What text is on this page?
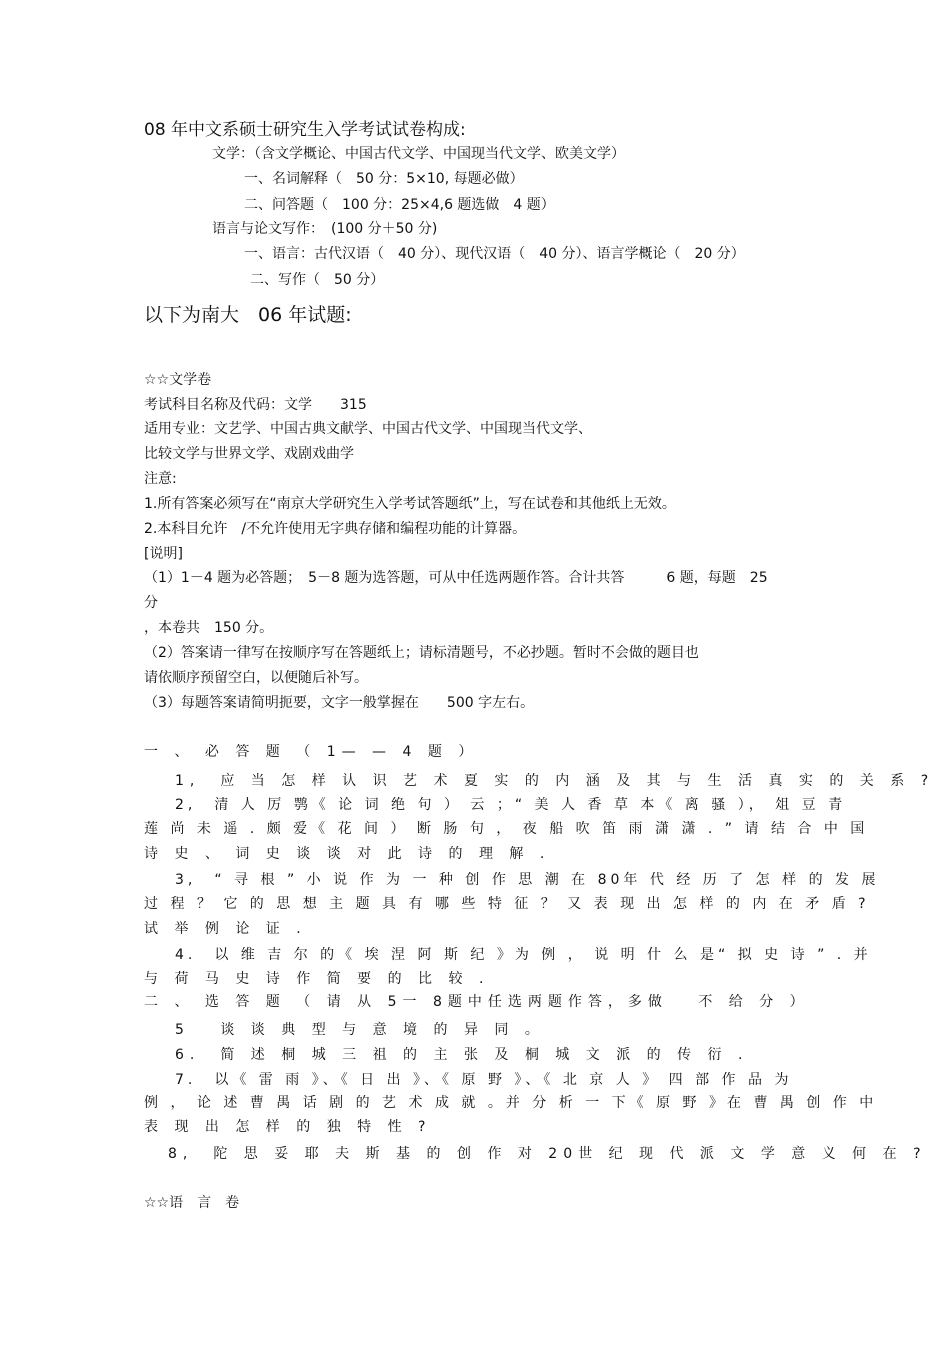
08 年中文系硕士研究生入学考试试卷构成:
文学：（含文学概论、中国古代文学、中国现当代文学、欧美文学）
一、名词解释（　50 分：5×10, 每题必做）
二、问答题（　100 分：25×4,6 题选做　4 题）
语言与论文写作：　(100 分＋50 分)
一、语言：古代汉语（　40 分）、现代汉语（　40 分）、语言学概论（　20 分）
二、写作（　50 分）
以下为南大　06 年试题:
☆☆文学卷
考试科目名称及代码：文学　　315
适用专业：文艺学、中国古典文献学、中国古代文学、中国现当代文学、
比较文学与世界文学、戏剧戏曲学
注意:
1.所有答案必须写在“南京大学研究生入学考试答题纸”上，写在试卷和其他纸上无效。
2.本科目允许　/不允许使用无字典存储和编程功能的计算器。
[说明]
（1）1－4 题为必答题；　5－8 题为选答题，可从中任选两题作答。合计共答　　　6 题，每题　25
分
，本卷共　150 分。
（2）答案请一律写在按顺序写在答题纸上；请标清题号，不必抄题。暂时不会做的题目也
请依顺序预留空白，以便随后补写。
（3）每题答案请简明扼要，文字一般掌握在　　500 字左右。
一 、 必 答 题 （ 1— — 4 题 ）
1,　应 当 怎 样 认 识 艺 术 夏 实 的 内 涵 及 其 与 生 活 真 实 的 关 系 ?
2,　清 人 厉 鹗《 论 词 绝 句 ） 云 ；“ 美 人 香 草 本《 离 骚 ）， 俎 豆 青
莲 尚 未 遥 . 颇 爱《 花 间 ） 断 肠 句 ， 夜 船 吹 笛 雨 潇 潇 . ” 请 结 合 中 国
诗 史 、 词 史 谈 谈 对 此 诗 的 理 解 .
3,　“ 寻 根 ” 小 说 作 为 一 种 创 作 思 潮 在 80年 代 经 历 了 怎 样 的 发 展
过 程 ？ 它 的 思 想 主 题 具 有 哪 些 特 征 ？ 又 表 现 出 怎 样 的 内 在 矛 盾 ?
试 举 例 论 证 .
4.　以 维 吉 尔 的《 埃 涅 阿 斯 纪 》为 例 ， 说 明 什 么 是“ 拟 史 诗 ” . 并
与 荷 马 史 诗 作 简 要 的 比 较 .
二 、 选 答 题 （ 请 从 5一 8题中任选两题作答，多做　 不 给 分 ）
5　 谈 谈 典 型 与 意 境 的 异 同 。
6.　简 述 桐 城 三 祖 的 主 张 及 桐 城 文 派 的 传 衍 .
7.　以《 雷 雨 》、《 日 出 》、《 原 野 》、《 北 京 人 》 四 部 作 品 为
例 ， 论 述 曹 禺 话 剧 的 艺 术 成 就 。并 分 析 一 下《 原 野 》在 曹 禺 创 作 中
表 现 出 怎 样 的 独 特 性 ?
8,　陀 思 妥 耶 夫 斯 基 的 创 作 对 20世 纪 现 代 派 文 学 意 义 何 在 ?
☆☆语　言　卷
